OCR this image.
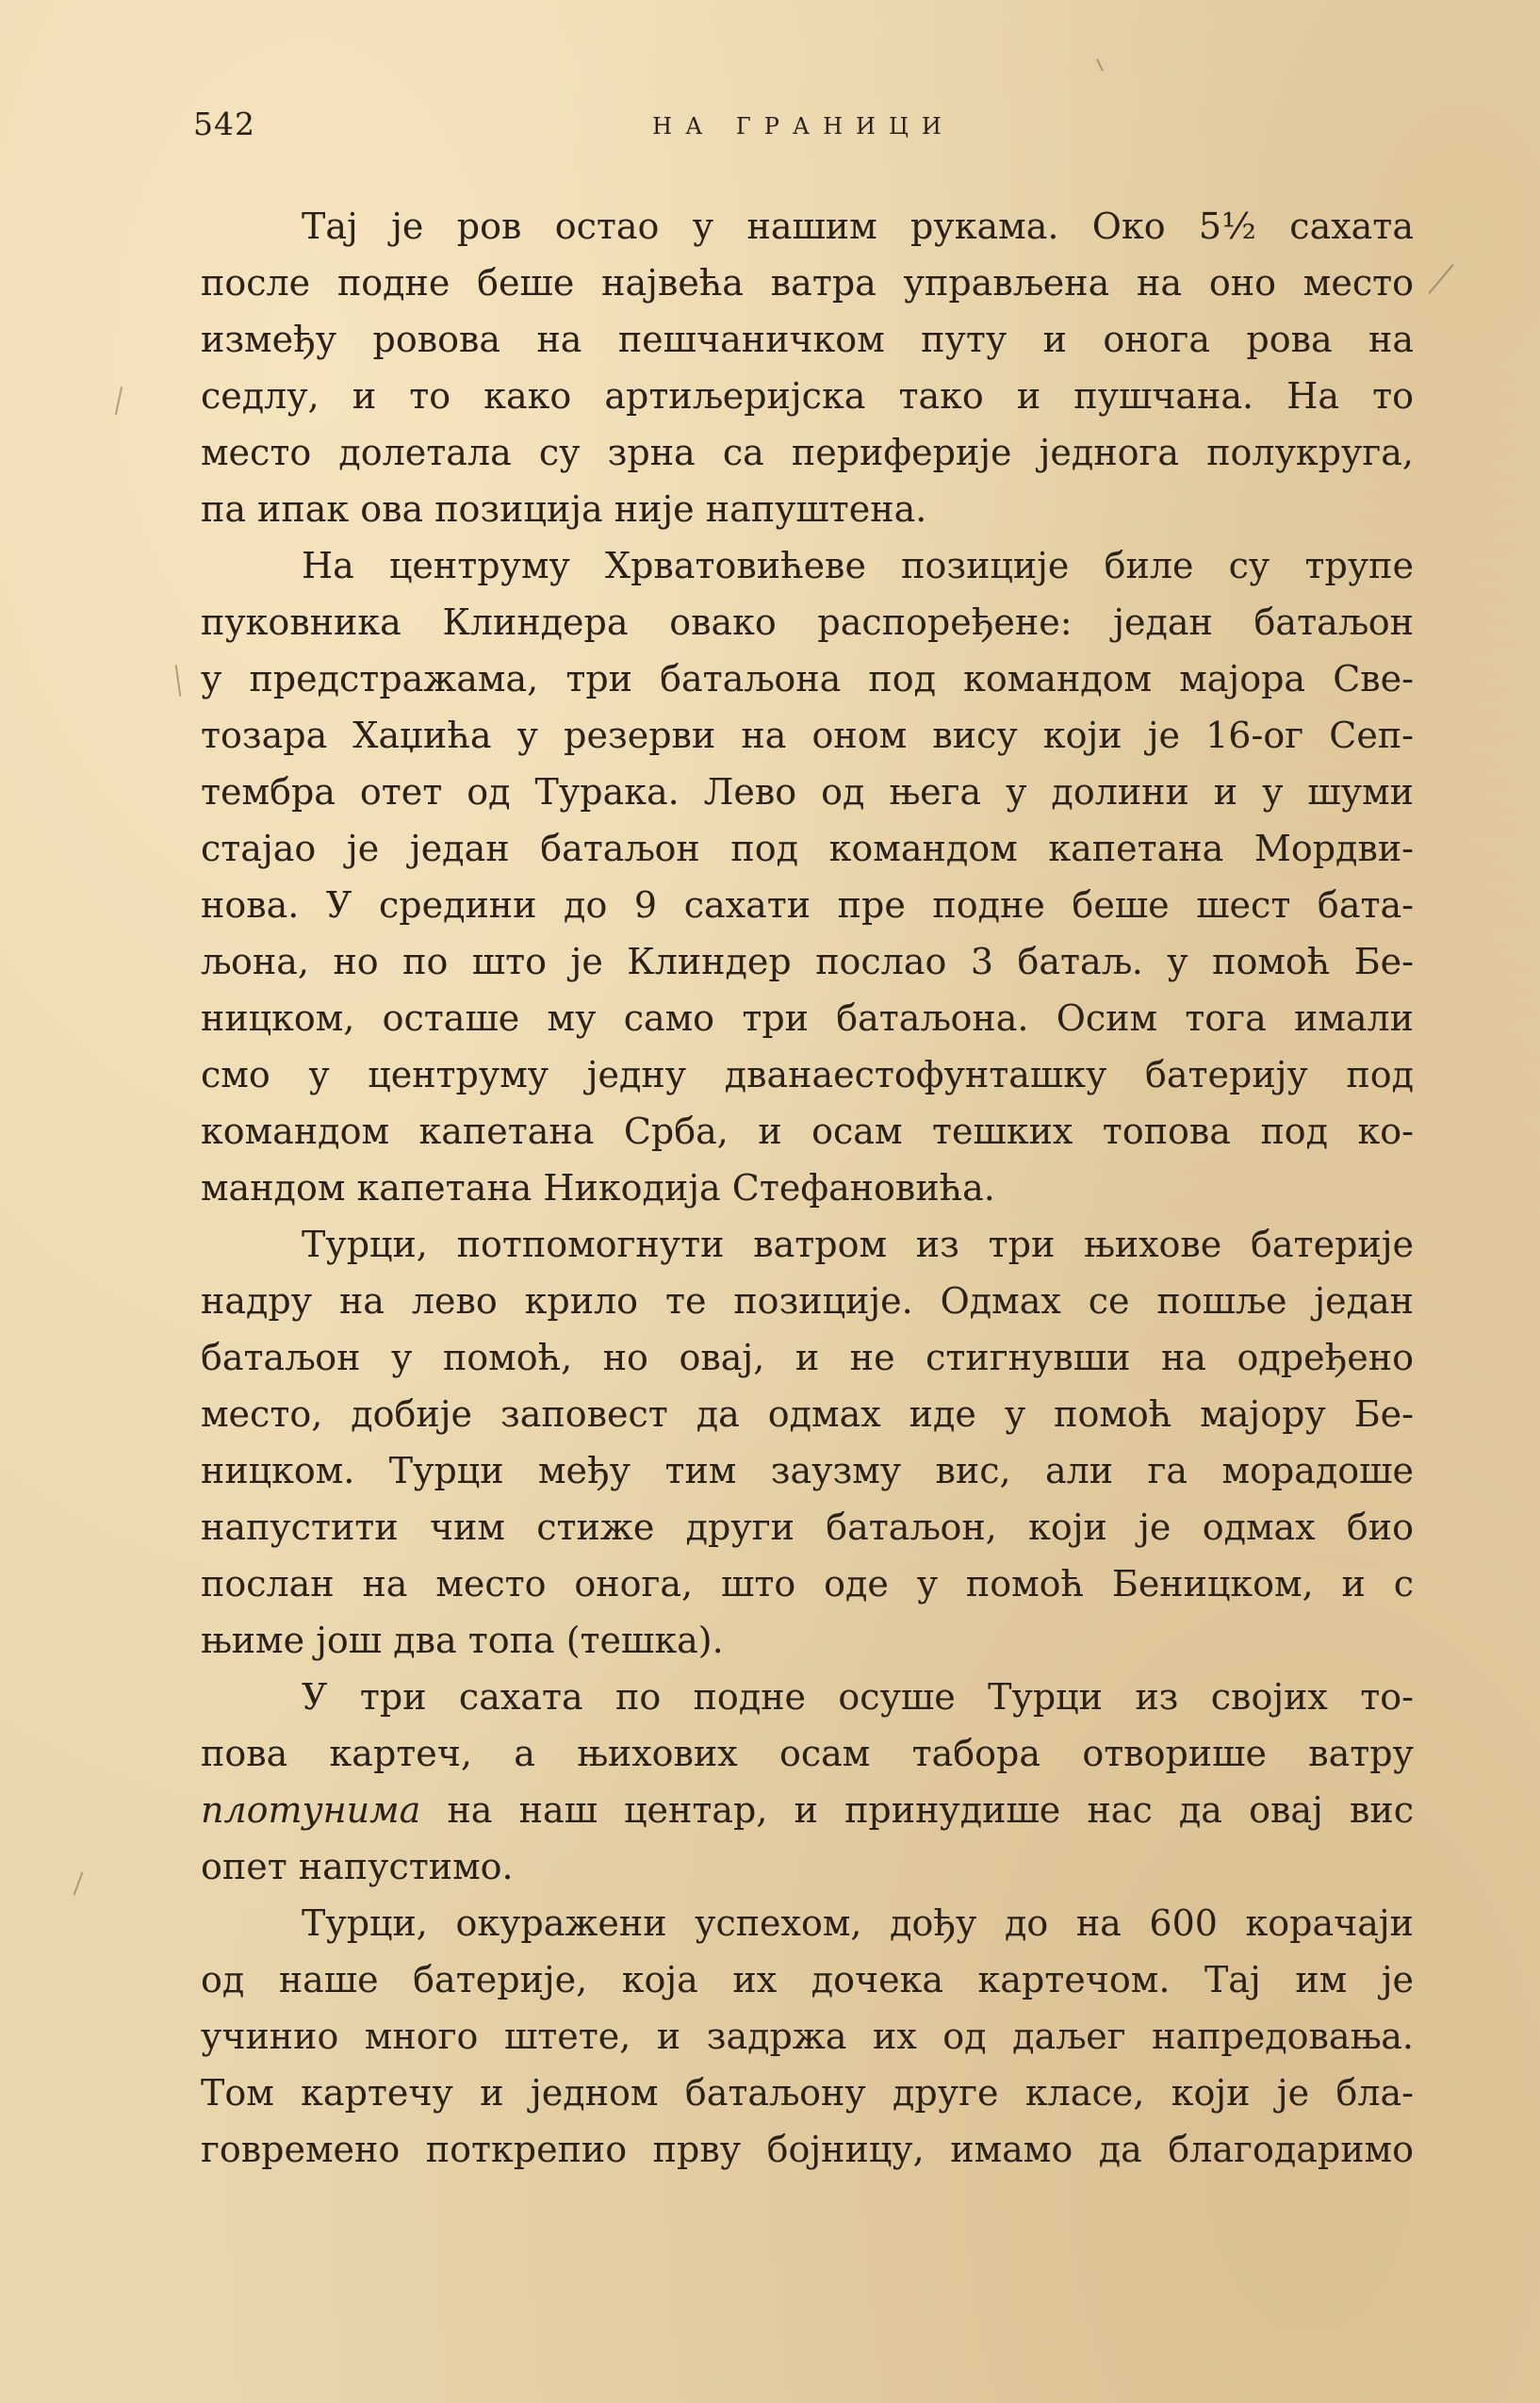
542	НА ГРАНИЦИ
Тај је ров остао у нашим рукама. Око 5½ сахата
после подне беше највећа ватра управљена на оно место
између ровова на пешчаничком путу и онога рова на
седлу, и то како артиљеријска тако и пушчана. На то
место долетала су зрна са периферије једнога полукруга,
па ипак ова позиција није напуштена.
На центруму Хрватовићеве позиције биле су трупе
пуковника Клиндера овако распоређене: један батаљон
у предстражама, три батаљона под командом мајора Све-
тозара Хаџића у резерви на оном вису који је 16-ог Сеп-
тембра отет од Турака. Лево од њега у долини и у шуми
стајао је један батаљон под командом капетана Мордви-
нова. У средини до 9 сахати пре подне беше шест бата-
љона, но по што је Клиндер послао 3 батаљ. у помоћ Бе-
ницком, осташе му само три батаљона. Осим тога имали
смо у центруму једну дванаестофунташку батерију под
командом капетана Срба, и осам тешких топова под ко-
мандом капетана Никодија Стефановића.
Турци, потпомогнути ватром из три њихове батерије
надру на лево крило те позиције. Одмах се пошље један
батаљон у помоћ, но овај, и не стигнувши на одређено
место, добије заповест да одмах иде у помоћ мајору Бе-
ницком. Турци међу тим заузму вис, али га морадоше
напустити чим стиже други батаљон, који је одмах био
послан на место онога, што оде у помоћ Беницком, и с
њиме још два топа (тешка).
У три сахата по подне осуше Турци из својих то-
пова картеч, а њихових осам табора отворише ватру
плотунима на наш центар, и принудише нас да овај вис
опет напустимо.
Турци, окуражени успехом, дођу до на 600 корачаји
од наше батерије, која их дочека картечом. Тај им је
учинио много штете, и задржа их од даљег напредовања.
Том картечу и једном батаљону друге класе, који је бла-
говремено поткрепио прву бојницу, имамо да благодаримо
